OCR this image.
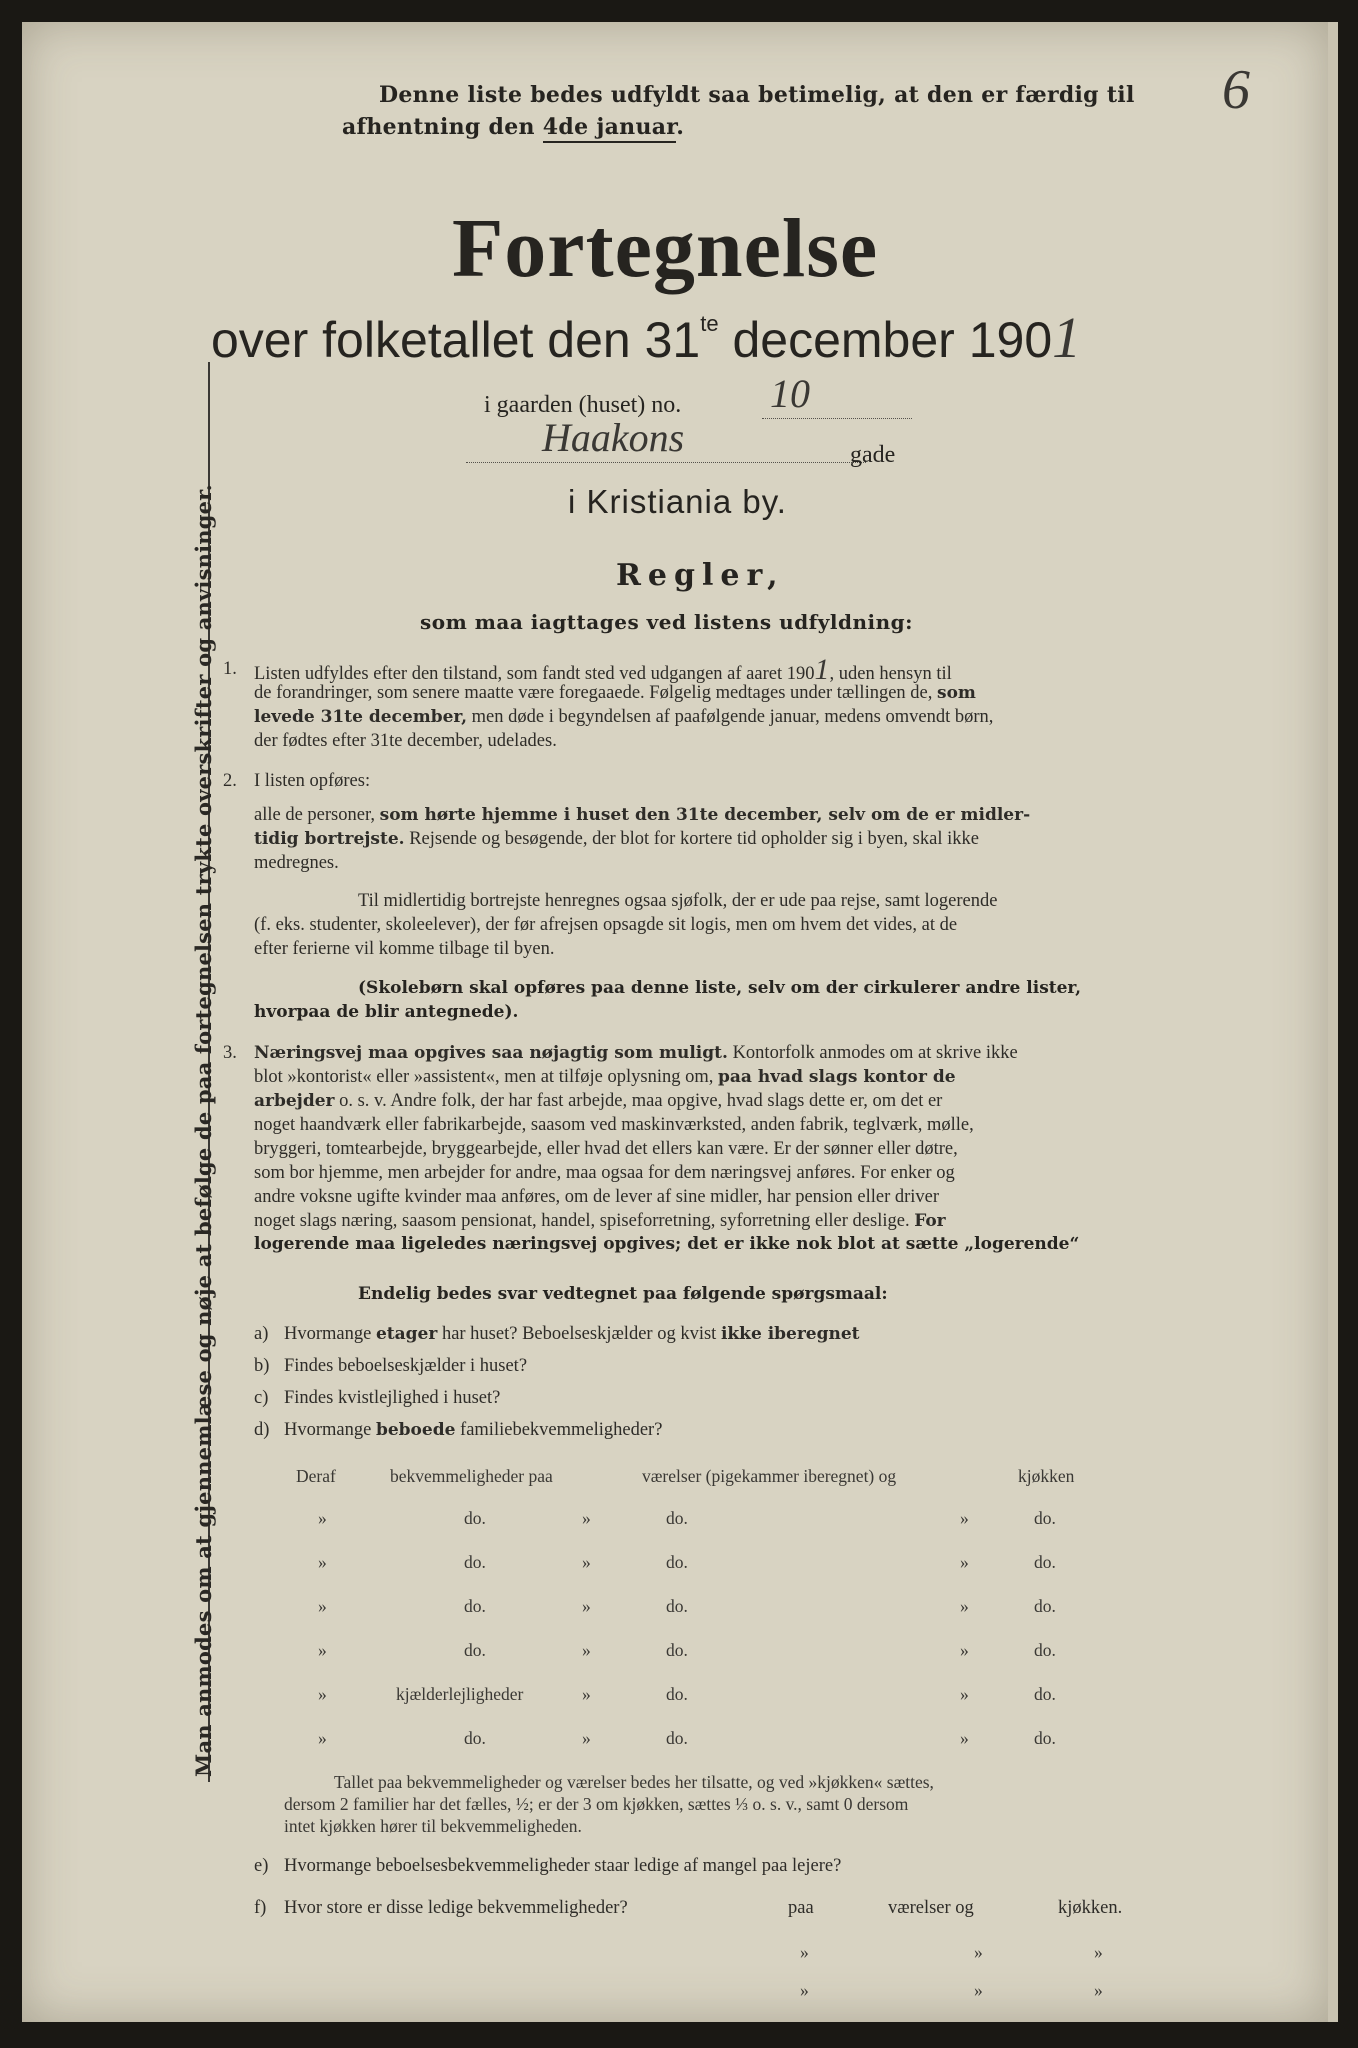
6
Denne liste bedes udfyldt saa betimelig, at den er færdig til
afhentning den 4de januar.
Fortegnelse
over folketallet den $31^{te}$ december 1901
i gaarden (huset) no. 10
Haakons	gade
i Kristiania by.
Regler,
som maa iagttages ved listens udfyldning:
1. Listen udfyldes efter den tilstand, som fandt sted ved udgangen af aaret 1901, uden hensyn til
de forandringer, som senere maatte være foregaaede. Følgelig medtages under tællingen de, som
levede 31te december, men døde i begyndelsen af paafølgende januar, medens omvendt børn,
der fødtes efter 31te december, udelades.
2. I listen opføres:
alle de personer, som hørte hjemme i huset den 31te december, selv om de er midler-
tidig bortrejste. Rejsende og besøgende, der blot for kortere tid opholder sig i byen, skal ikke
medregnes.
Til midlertidig bortrejste henregnes ogsaa sjøfolk, der er ude paa rejse, samt logerende
(f. eks. studenter, skoleelever), der før afrejsen opsagde sit logis, men om hvem det vides, at de
efter ferierne vil komme tilbage til byen.
(Skolebørn skal opføres paa denne liste, selv om der cirkulerer andre lister,
hvorpaa de blir antegnede).
3. Næringsvej maa opgives saa nøjagtig som muligt. Kontorfolk anmodes om at skrive ikke
blot »kontorist« eller »assistent«, men at tilføje oplysning om, paa hvad slags kontor de
arbejder o. s. v. Andre folk, der har fast arbejde, maa opgive, hvad slags dette er, om det er
noget haandværk eller fabrikarbejde, saasom ved maskinværksted, anden fabrik, teglværk, mølle,
bryggeri, tomtearbejde, bryggearbejde, eller hvad det ellers kan være. Er der sønner eller døtre,
som bor hjemme, men arbejder for andre, maa ogsaa for dem næringsvej anføres. For enker og
andre voksne ugifte kvinder maa anføres, om de lever af sine midler, har pension eller driver
noget slags næring, saasom pensionat, handel, spiseforretning, syforretning eller deslige. For
logerende maa ligeledes næringsvej opgives; det er ikke nok blot at sætte „logerende“
Endelig bedes svar vedtegnet paa følgende spørgsmaal:
a) Hvormange etager har huset? Beboelseskjælder og kvist ikke iberegnet
b) Findes beboelseskjælder i huset?
c) Findes kvistlejlighed i huset?
d) Hvormange beboede familiebekvemmeligheder?
Deraf	bekvemmeligheder paa	værelser (pigekammer iberegnet) og	kjøkken
»	do.	»	do.	»	do.
»	do.	»	do.	»	do.
»	do.	»	do.	»	do.
»	do.	»	do.	»	do.
»	kjælderlejligheder	»	do.	»	do.
»	do.	»	do.	»	do.
Tallet paa bekvemmeligheder og værelser bedes her tilsatte, og ved »kjøkken« sættes,
dersom 2 familier har det fælles, ½; er der 3 om kjøkken, sættes ⅓ o. s. v., samt 0 dersom
intet kjøkken hører til bekvemmeligheden.
e) Hvormange beboelsesbekvemmeligheder staar ledige af mangel paa lejere?
f) Hvor store er disse ledige bekvemmeligheder?	paa	værelser og	kjøkken.
»	»	»
»	»	»
Man anmodes om at gjennemlæse og nøje at befølge de paa fortegnelsen trykte overskrifter og anvisninger.
